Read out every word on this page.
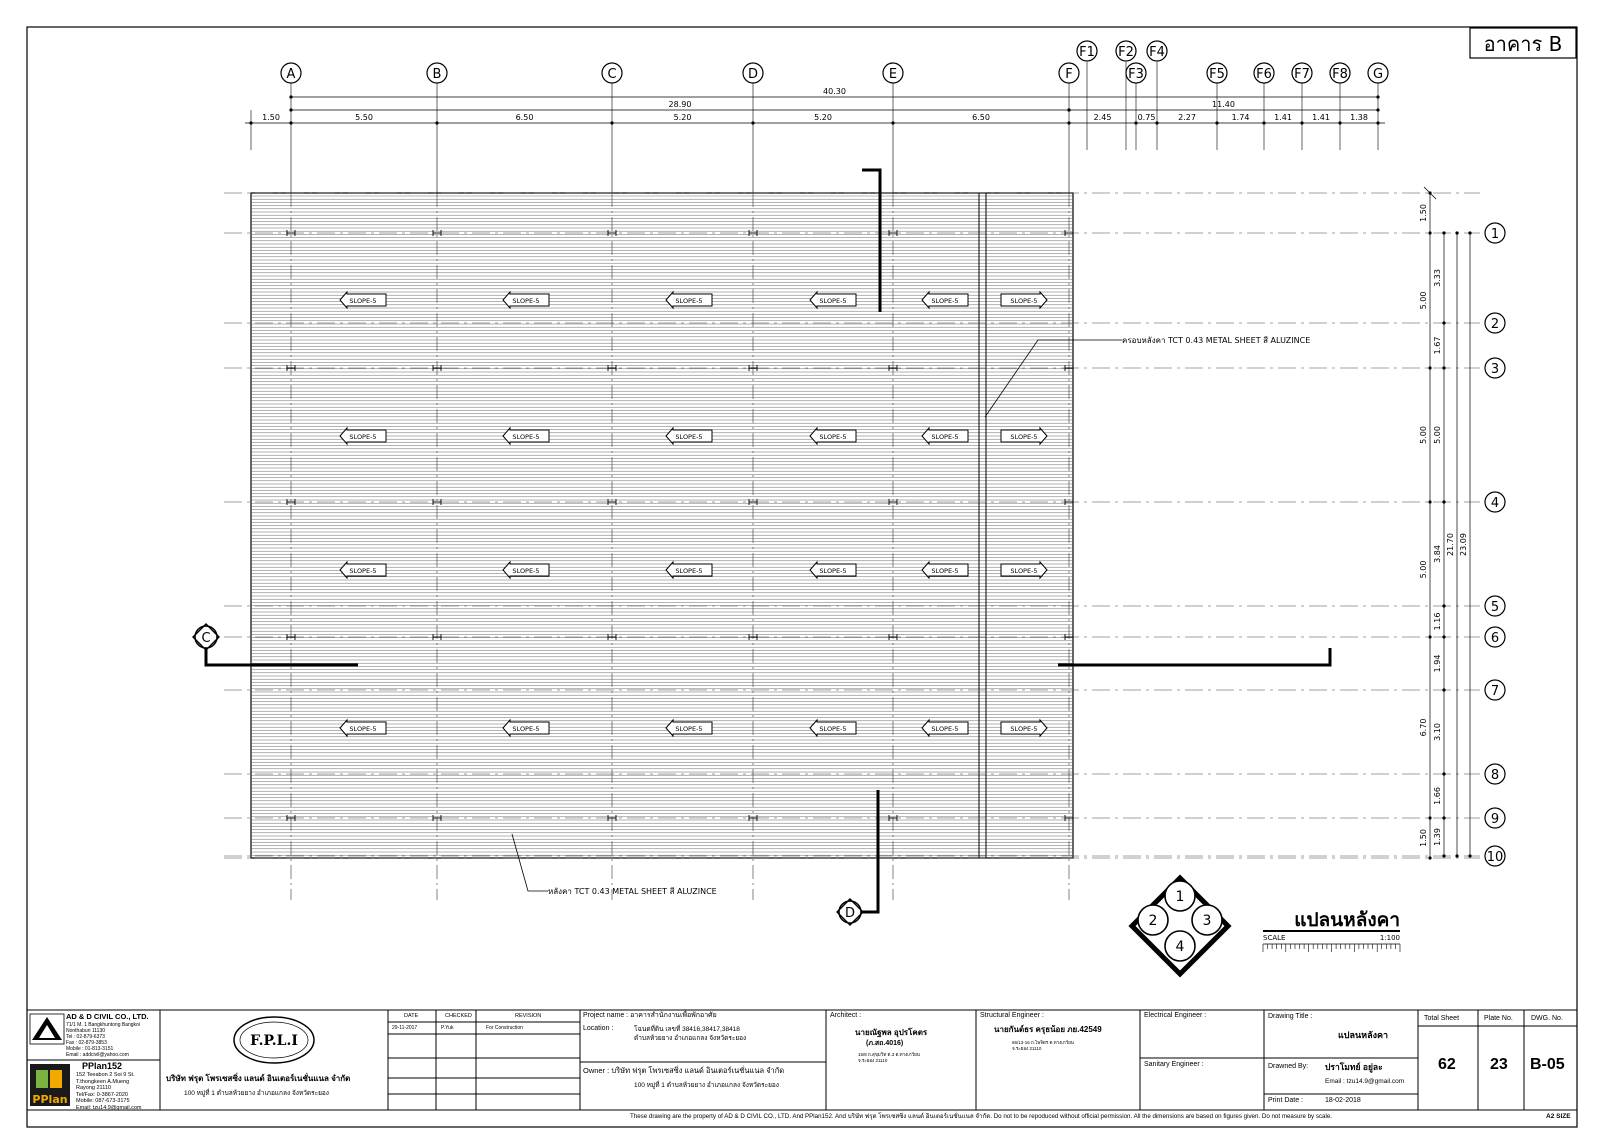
อาคาร B
A	B	C	D	E	F
F1 F2
F3
F4
F5 F6 F7 F8 G
1
2
3
4
5
6
7
8
9
10
40.30
28.90	11.40
1.50	5.50	6.50	5.20	5.20	6.50	2.45	0.75	2.27	1.74	1.41	1.41	1.38
1.50
5.00
5.00
5.00
6.70
1.50
3.33
1.67
5.00
3.84
1.16
1.94
3.10
1.66
1.39
21.70 23.09
SLOPE-5	SLOPE-5	SLOPE-5	SLOPE-5	SLOPE-5	SLOPE-5
SLOPE-5	SLOPE-5	SLOPE-5	SLOPE-5	SLOPE-5	SLOPE-5
SLOPE-5	SLOPE-5	SLOPE-5	SLOPE-5	SLOPE-5	SLOPE-5
SLOPE-5	SLOPE-5	SLOPE-5	SLOPE-5	SLOPE-5	SLOPE-5
C
D
ครอบหลังคา TCT 0.43 METAL SHEET สี ALUZINCE
หลังคา TCT 0.43 METAL SHEET สี ALUZINCE	1
2	3
4
แปลนหลังคา
SCALE	1:100
F.P.L.I
PPlan
AD & D CIVIL CO., LTD.
71/1 M. 1 Bangkhuntong Bangkoi
Nonthaburi 11130
Tel : 02-879-6373
Fax : 02-879-3853
Mobile : 01-813-3151
Email : addcivil@yahoo.com
PPlan152
152 Teeabon 2 Soi 9 St.
T.thongkeen A.Mueng
Rayong 21110
Tel/Fax: 0-3867-2020
Mobile: 087-673-3175
Email: tzu14.9@gmail.com
บริษัท ฟรุต โพรเซสซิ่ง แลนด์ อินเตอร์เนชั่นแนล จำกัด
100 หมู่ที่ 1 ตำบลห้วยยาง อำเภอแกลง จังหวัดระยอง
DATE	CHECKED	REVISION
29-11-2017	P.Yuk	For Construction
Project name : อาคารสำนักงานเพื่อพักอาศัย
Location :	โฉนดที่ดิน เลขที่ 38416,38417,38418
ตำบลห้วยยาง อำเภอแกลง จังหวัดระยอง
Owner : บริษัท ฟรุต โพรเซสซิ่ง แลนด์ อินเตอร์เนชั่นแนล จำกัด
100 หมู่ที่ 1 ตำบลห้วยยาง อำเภอแกลง จังหวัดระยอง
Architect :
นายณัฐพล อุปรโคตร
(ภ.สถ.4016)
15/8 ถ.สุขุมวิท ต.3 ต.ทางเกวียน
จ.ระยอง 21110
Structural Engineer :
นายกันต์ธร ครุธน้อย ภย.42549
66/13-16 ถ.ไพจิตร ต.ทางเกวียน
จ.ระยอง 21110
Electrical Engineer :
Sanitary Engineer :
Drawing Title :
แปลนหลังคา
Drawned By: ปราโมทย์ อยู่ละ
Email : tzu14.9@gmail.com
Print Date :	18-02-2018
Total Sheet
62
Plate No.
23
DWG. No.
B-05
These drawing are the property of AD & D CIVIL CO., LTD. And PPlan152. And บริษัท ฟรุต โพรเซสซิ่ง แลนด์ อินเตอร์เนชั่นแนล จำกัด. Do not to be repoduced without official permission. All the dimensions are based on figures given. Do not measure by scale.	A2 SIZE
